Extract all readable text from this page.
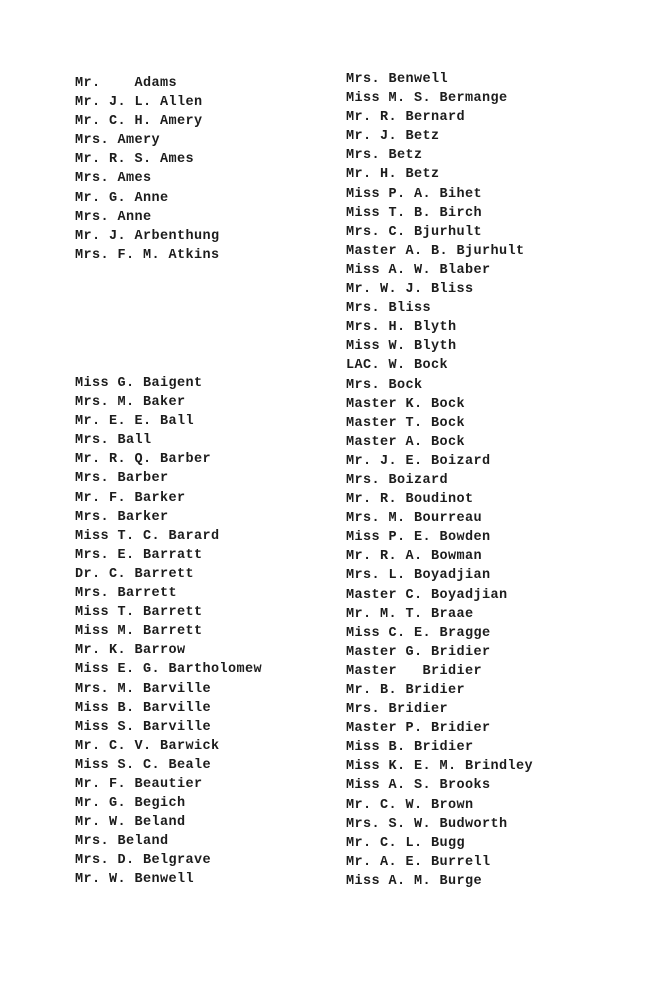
Mr.    Adams
Mr. J. L. Allen
Mr. C. H. Amery
Mrs. Amery
Mr. R. S. Ames
Mrs. Ames
Mr. G. Anne
Mrs. Anne
Mr. J. Arbenthung
Mrs. F. M. Atkins
Miss G. Baigent
Mrs. M. Baker
Mr. E. E. Ball
Mrs. Ball
Mr. R. Q. Barber
Mrs. Barber
Mr. F. Barker
Mrs. Barker
Miss T. C. Barard
Mrs. E. Barratt
Dr. C. Barrett
Mrs. Barrett
Miss T. Barrett
Miss M. Barrett
Mr. K. Barrow
Miss E. G. Bartholomew
Mrs. M. Barville
Miss B. Barville
Miss S. Barville
Mr. C. V. Barwick
Miss S. C. Beale
Mr. F. Beautier
Mr. G. Begich
Mr. W. Beland
Mrs. Beland
Mrs. D. Belgrave
Mr. W. Benwell
Mrs. Benwell
Miss M. S. Bermange
Mr. R. Bernard
Mr. J. Betz
Mrs. Betz
Mr. H. Betz
Miss P. A. Bihet
Miss T. B. Birch
Mrs. C. Bjurhult
Master A. B. Bjurhult
Miss A. W. Blaber
Mr. W. J. Bliss
Mrs. Bliss
Mrs. H. Blyth
Miss W. Blyth
LAC. W. Bock
Mrs. Bock
Master K. Bock
Master T. Bock
Master A. Bock
Mr. J. E. Boizard
Mrs. Boizard
Mr. R. Boudinot
Mrs. M. Bourreau
Miss P. E. Bowden
Mr. R. A. Bowman
Mrs. L. Boyadjian
Master C. Boyadjian
Mr. M. T. Braae
Miss C. E. Bragge
Master G. Bridier
Master   Bridier
Mr. B. Bridier
Mrs. Bridier
Master P. Bridier
Miss B. Bridier
Miss K. E. M. Brindley
Miss A. S. Brooks
Mr. C. W. Brown
Mrs. S. W. Budworth
Mr. C. L. Bugg
Mr. A. E. Burrell
Miss A. M. Burge
